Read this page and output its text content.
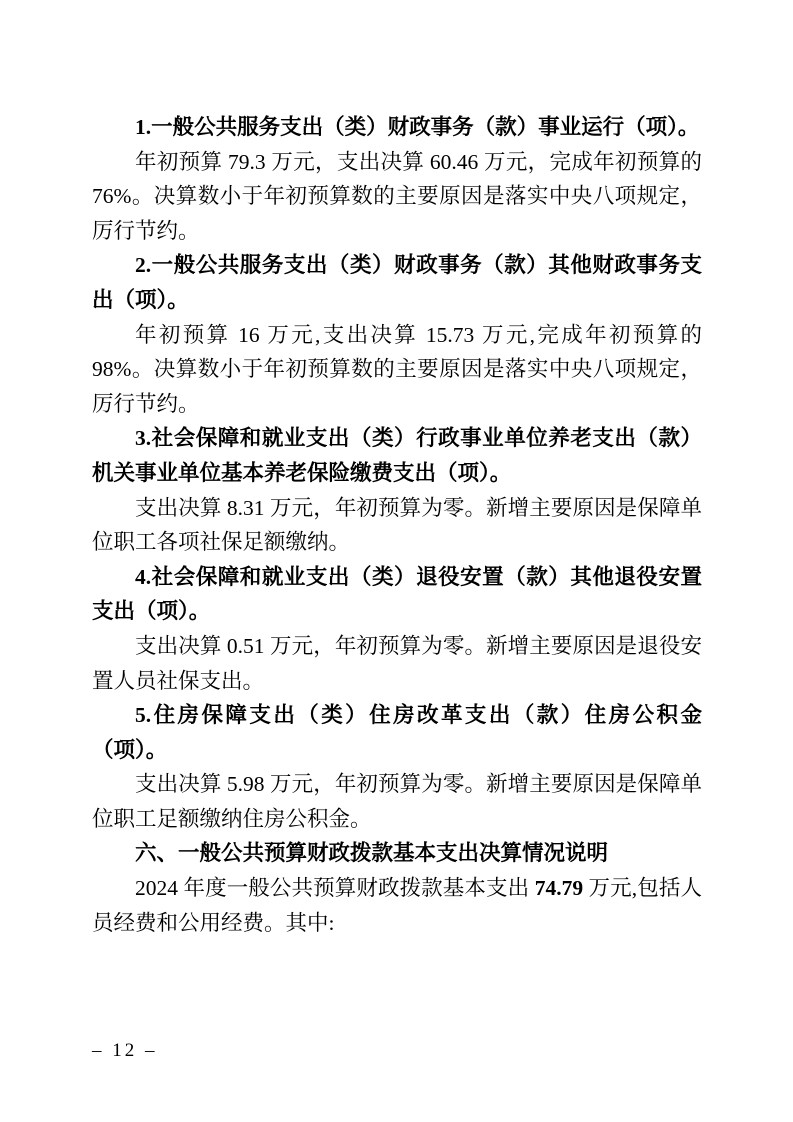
1.一般公共服务支出（类）财政事务（款）事业运行（项）。

年初预算 79.3 万元，支出决算 60.46 万元，完成年初预算的 76%。决算数小于年初预算数的主要原因是落实中央八项规定，厉行节约。

2.一般公共服务支出（类）财政事务（款）其他财政事务支出（项）。

年初预算 16 万元,支出决算 15.73 万元,完成年初预算的 98%。决算数小于年初预算数的主要原因是落实中央八项规定，厉行节约。

3.社会保障和就业支出（类）行政事业单位养老支出（款）机关事业单位基本养老保险缴费支出（项）。

支出决算 8.31 万元，年初预算为零。新增主要原因是保障单位职工各项社保足额缴纳。

4.社会保障和就业支出（类）退役安置（款）其他退役安置支出（项）。

支出决算 0.51 万元，年初预算为零。新增主要原因是退役安置人员社保支出。

5.住房保障支出（类）住房改革支出（款）住房公积金（项）。

支出决算 5.98 万元，年初预算为零。新增主要原因是保障单位职工足额缴纳住房公积金。

六、一般公共预算财政拨款基本支出决算情况说明

2024 年度一般公共预算财政拨款基本支出 74.79 万元,包括人员经费和公用经费。其中:

– 12 –
